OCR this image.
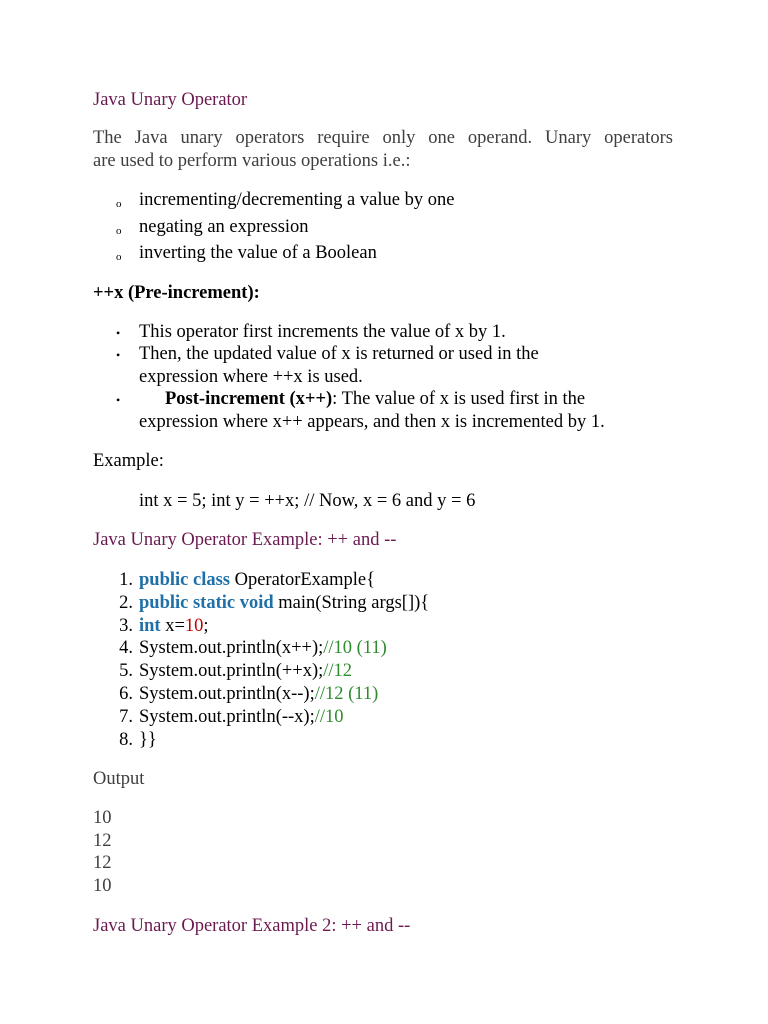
Java Unary Operator
The Java unary operators require only one operand. Unary operators
are used to perform various operations i.e.:
o incrementing/decrementing a value by one
o negating an expression
o inverting the value of a Boolean
++x (Pre-increment):
• This operator first increments the value of x by 1.
• Then, the updated value of x is returned or used in the
expression where ++x is used.
• Post-increment (x++): The value of x is used first in the
expression where x++ appears, and then x is incremented by 1.
Example:
int x = 5; int y = ++x; // Now, x = 6 and y = 6
Java Unary Operator Example: ++ and --
1. public class OperatorExample{
2. public static void main(String args[]){
3. int x=10;
4. System.out.println(x++);//10 (11)
5. System.out.println(++x);//12
6. System.out.println(x--);//12 (11)
7. System.out.println(--x);//10
8. }}
Output
10
12
12
10
Java Unary Operator Example 2: ++ and --
